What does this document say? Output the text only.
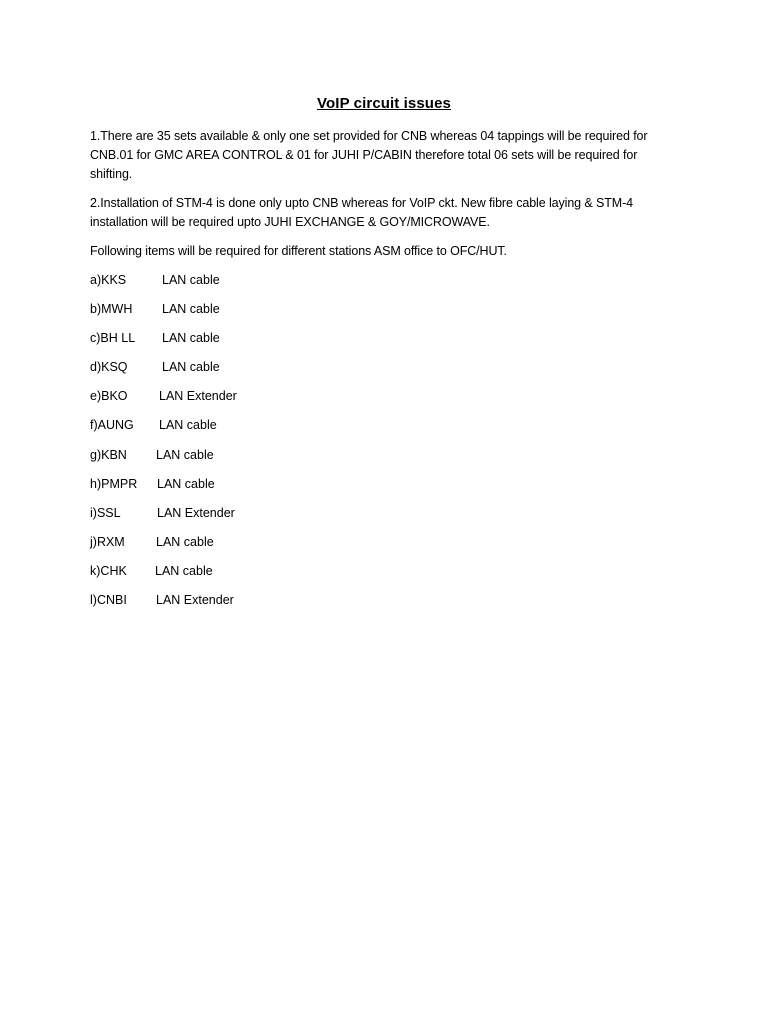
VoIP circuit issues
1.There are 35 sets available & only one set provided for CNB whereas 04 tappings will be required for CNB.01 for GMC AREA CONTROL & 01 for JUHI P/CABIN therefore total 06 sets will be required for shifting.
2.Installation of STM-4 is done only upto CNB whereas for VoIP ckt. New fibre cable laying & STM-4 installation will be required upto JUHI EXCHANGE & GOY/MICROWAVE.
Following items will be required for different stations ASM office to OFC/HUT.
a)KKS	LAN cable
b)MWH LAN cable
c)BH LL LAN cable
d)KSQ	LAN cable
e)BKO	LAN Extender
f)AUNG LAN cable
g)KBN LAN cable
h)PMPR LAN cable
i)SSL	LAN Extender
j)RXM	LAN cable
k)CHK LAN cable
l)CNBI LAN Extender
